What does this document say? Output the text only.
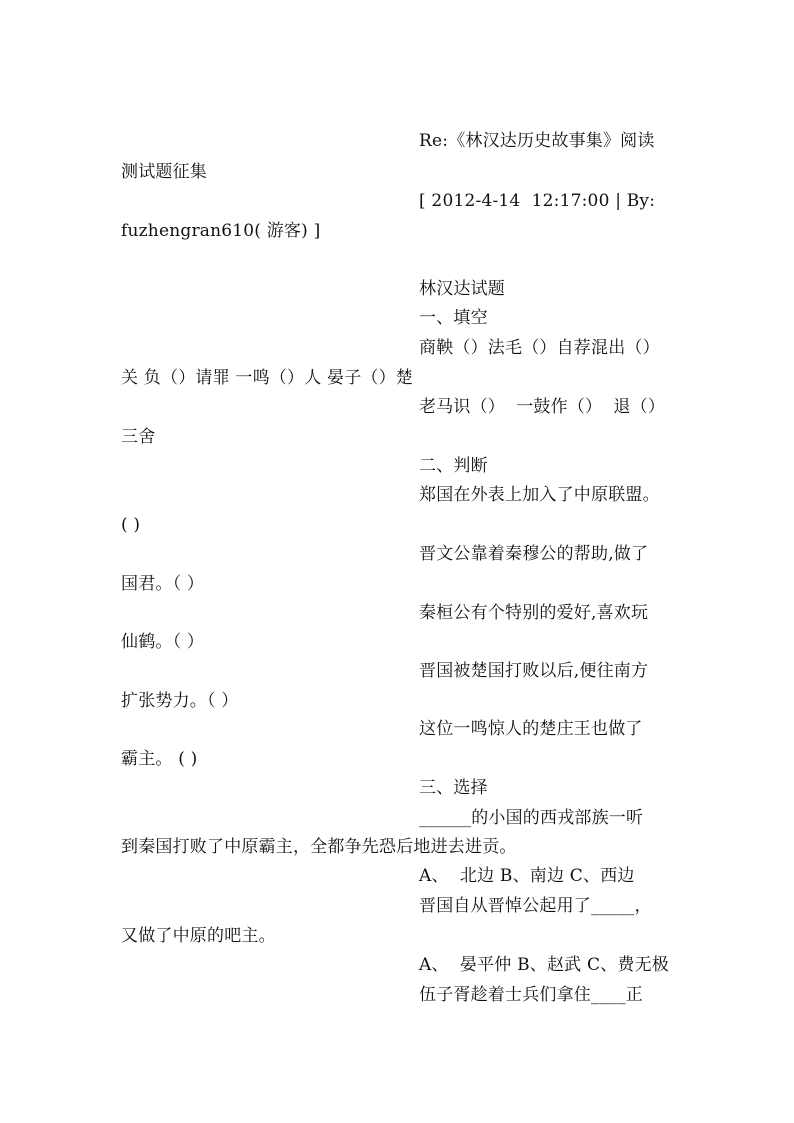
Re:《林汉达历史故事集》阅读
测试题征集
[ 2012-4-14  12:17:00 | By:
fuzhengran610( 游客) ]
林汉达试题
一、填空
商鞅（）法毛（）自荐混出（）
关 负（）请罪 一鸣（）人 晏子（）楚
老马识（）  一鼓作（）  退（）
三舍
二、判断
郑国在外表上加入了中原联盟。
( )
晋文公靠着秦穆公的帮助,做了
国君。（ ）
秦桓公有个特别的爱好,喜欢玩
仙鹤。（ ）
晋国被楚国打败以后,便往南方
扩张势力。（ ）
这位一鸣惊人的楚庄王也做了
霸主。 ( )
三、选择
______的小国的西戎部族一听
到秦国打败了中原霸主，全都争先恐后地进去进贡。
A、  北边 B、南边 C、西边
晋国自从晋悼公起用了_____，
又做了中原的吧主。
A、  晏平仲 B、赵武 C、费无极
伍子胥趁着士兵们拿住____正
